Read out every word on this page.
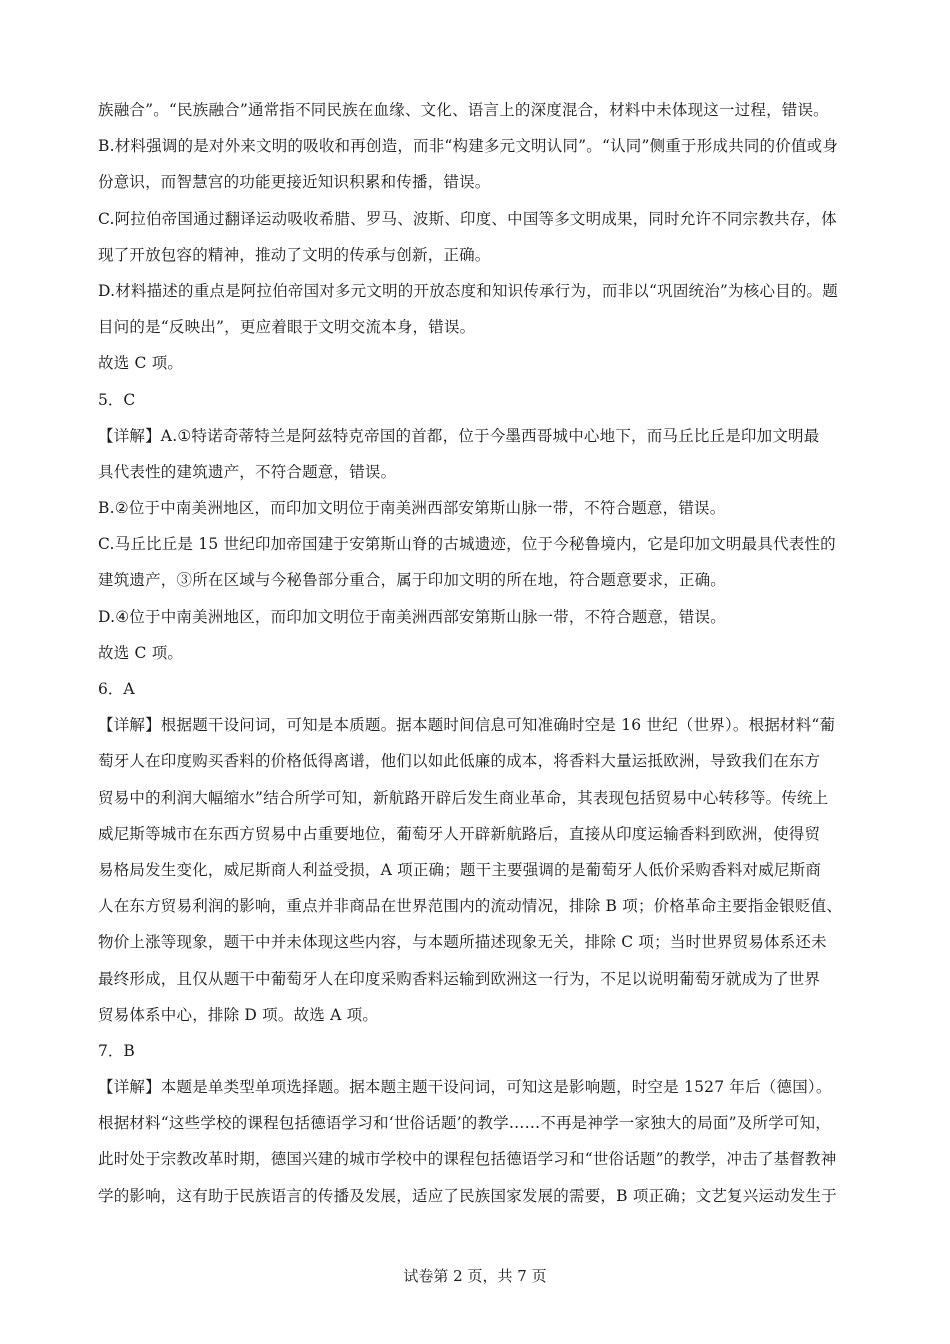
族融合”。“民族融合”通常指不同民族在血缘、文化、语言上的深度混合，材料中未体现这一过程，错误。
B.材料强调的是对外来文明的吸收和再创造，而非“构建多元文明认同”。“认同”侧重于形成共同的价值或身
份意识，而智慧宫的功能更接近知识积累和传播，错误。
C.阿拉伯帝国通过翻译运动吸收希腊、罗马、波斯、印度、中国等多文明成果，同时允许不同宗教共存，体
现了开放包容的精神，推动了文明的传承与创新，正确。
D.材料描述的重点是阿拉伯帝国对多元文明的开放态度和知识传承行为，而非以“巩固统治”为核心目的。题
目问的是“反映出”，更应着眼于文明交流本身，错误。
故选 C 项。
5．C
【详解】A.①特诺奇蒂特兰是阿兹特克帝国的首都，位于今墨西哥城中心地下，而马丘比丘是印加文明最
具代表性的建筑遗产，不符合题意，错误。
B.②位于中南美洲地区，而印加文明位于南美洲西部安第斯山脉一带，不符合题意，错误。
C.马丘比丘是 15 世纪印加帝国建于安第斯山脊的古城遗迹，位于今秘鲁境内，它是印加文明最具代表性的
建筑遗产，③所在区域与今秘鲁部分重合，属于印加文明的所在地，符合题意要求，正确。
D.④位于中南美洲地区，而印加文明位于南美洲西部安第斯山脉一带，不符合题意，错误。
故选 C 项。
6．A
【详解】根据题干设问词，可知是本质题。据本题时间信息可知准确时空是 16 世纪（世界）。根据材料“葡
萄牙人在印度购买香料的价格低得离谱，他们以如此低廉的成本，将香料大量运抵欧洲，导致我们在东方
贸易中的利润大幅缩水”结合所学可知，新航路开辟后发生商业革命，其表现包括贸易中心转移等。传统上
威尼斯等城市在东西方贸易中占重要地位，葡萄牙人开辟新航路后，直接从印度运输香料到欧洲，使得贸
易格局发生变化，威尼斯商人利益受损，A 项正确；题干主要强调的是葡萄牙人低价采购香料对威尼斯商
人在东方贸易利润的影响，重点并非商品在世界范围内的流动情况，排除 B 项；价格革命主要指金银贬值、
物价上涨等现象，题干中并未体现这些内容，与本题所描述现象无关，排除 C 项；当时世界贸易体系还未
最终形成，且仅从题干中葡萄牙人在印度采购香料运输到欧洲这一行为，不足以说明葡萄牙就成为了世界
贸易体系中心，排除 D 项。故选 A 项。
7．B
【详解】本题是单类型单项选择题。据本题主题干设问词，可知这是影响题，时空是 1527 年后（德国）。
根据材料“这些学校的课程包括德语学习和‘世俗话题’的教学……不再是神学一家独大的局面”及所学可知，
此时处于宗教改革时期，德国兴建的城市学校中的课程包括德语学习和“世俗话题”的教学，冲击了基督教神
学的影响，这有助于民族语言的传播及发展，适应了民族国家发展的需要，B 项正确；文艺复兴运动发生于
试卷第 2 页，共 7 页
